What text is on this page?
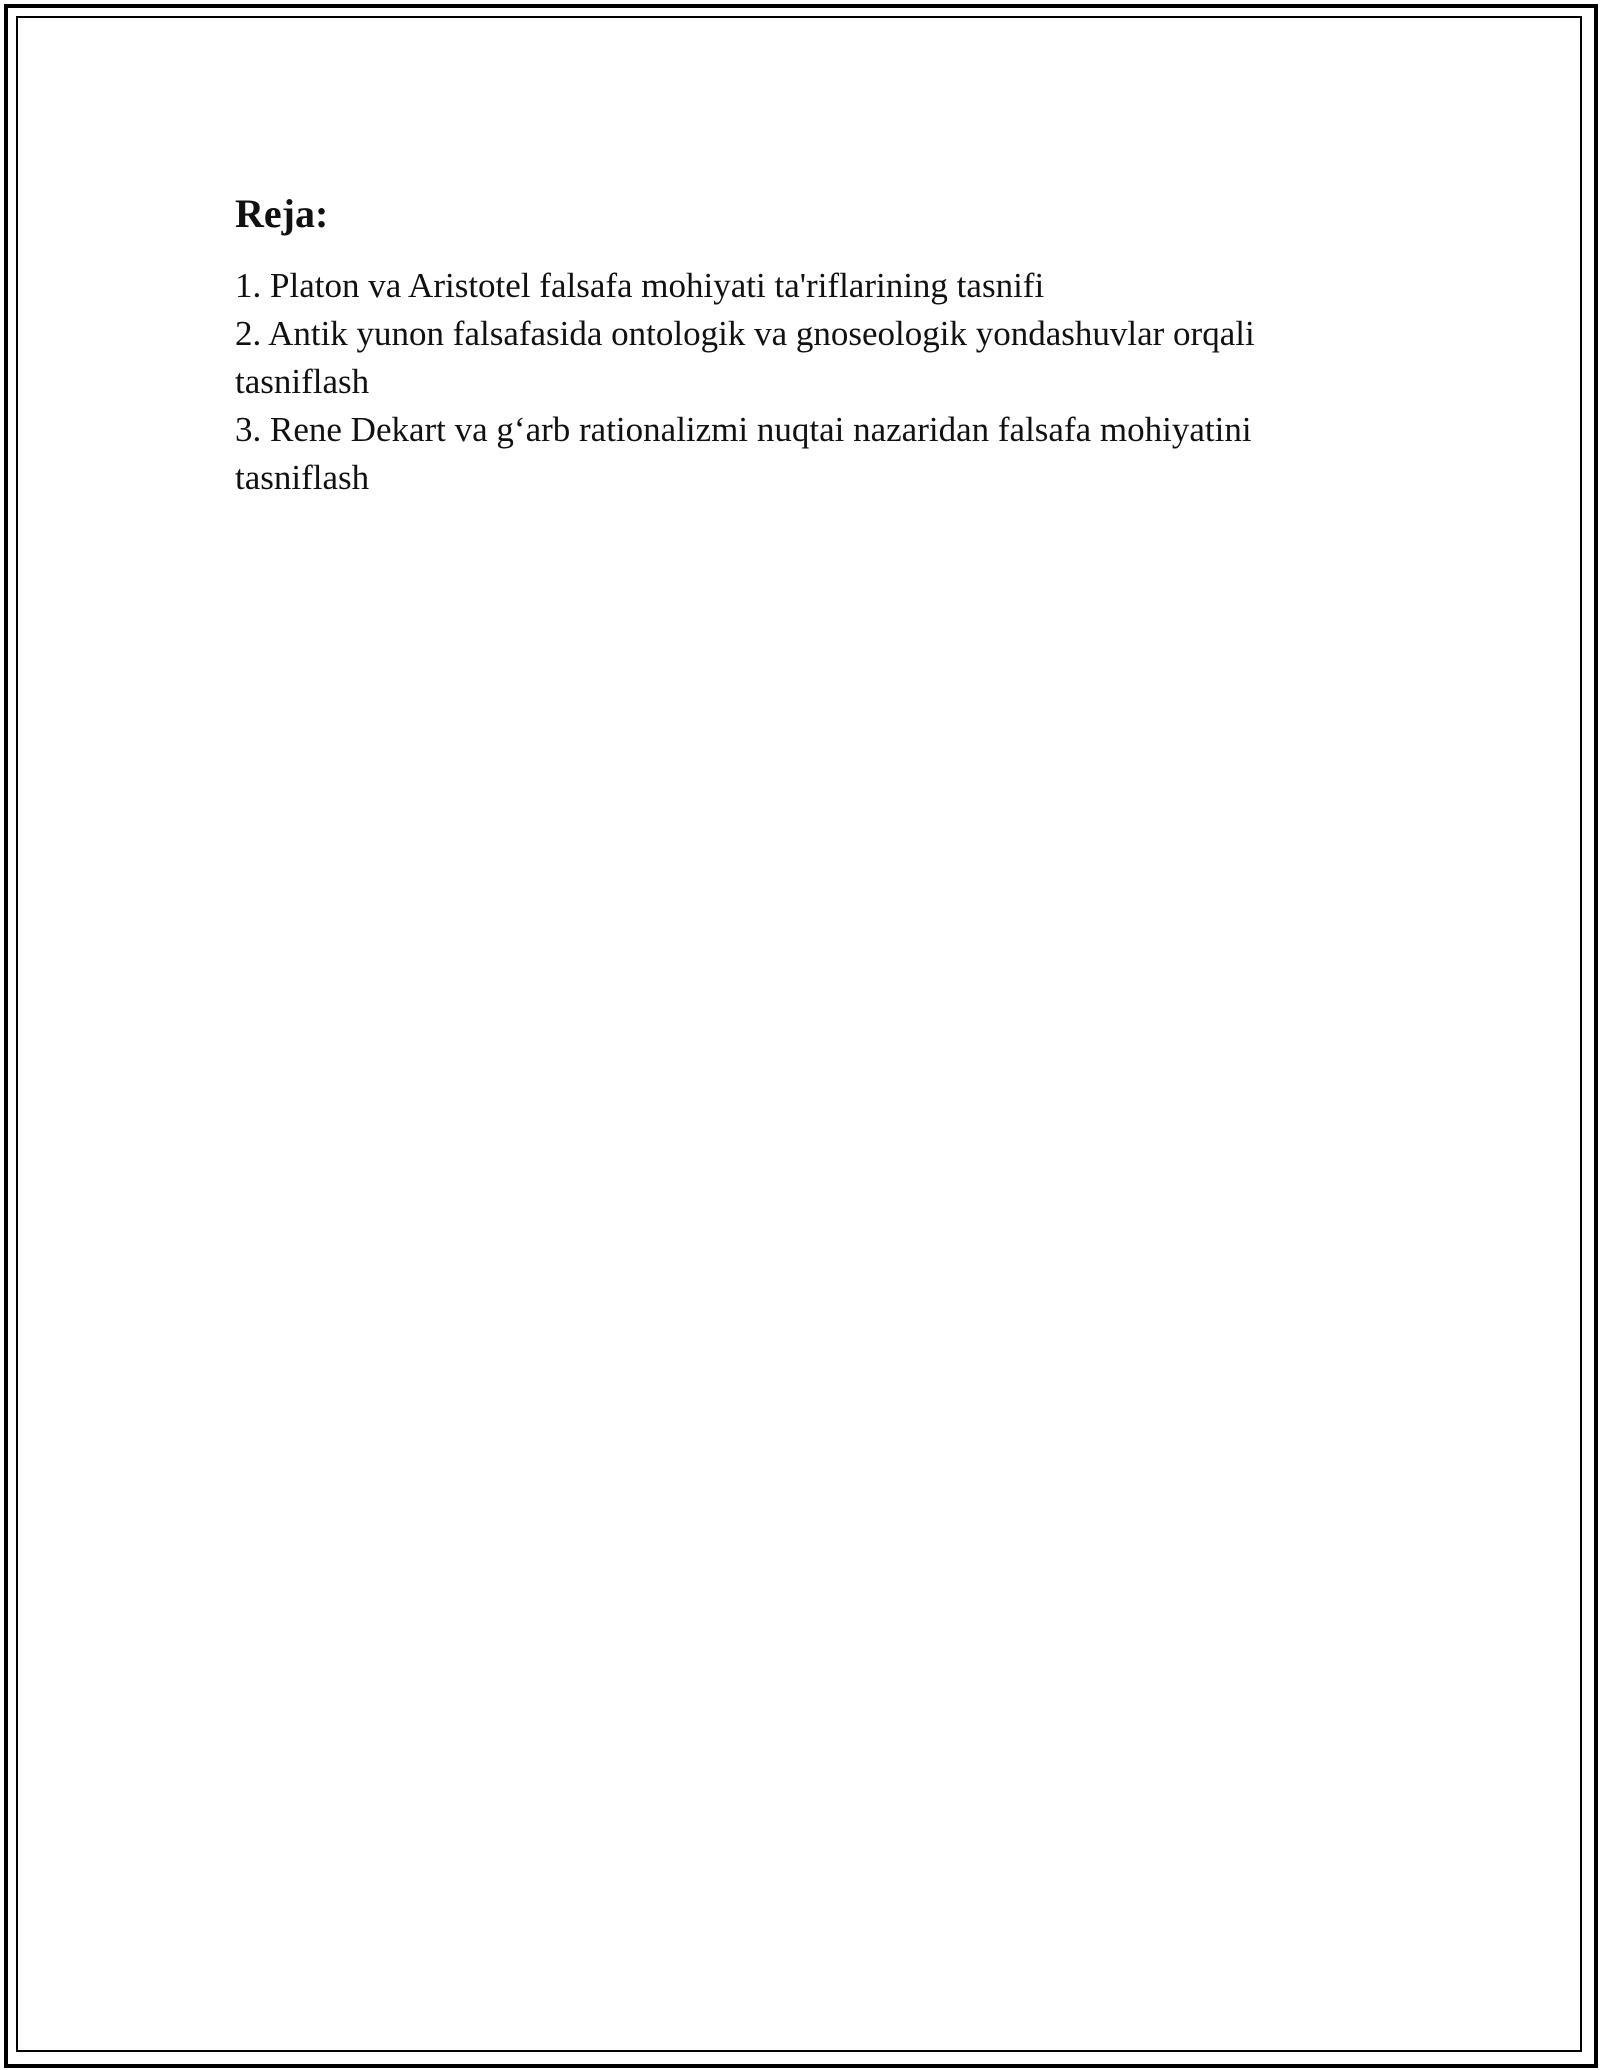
Reja:
1. Platon va Aristotel falsafa mohiyati ta'riflarining tasnifi
2. Antik yunon falsafasida ontologik va gnoseologik yondashuvlar orqali tasniflash
3. Rene Dekart va g‘arb rationalizmi nuqtai nazaridan falsafa mohiyatini tasniflash
